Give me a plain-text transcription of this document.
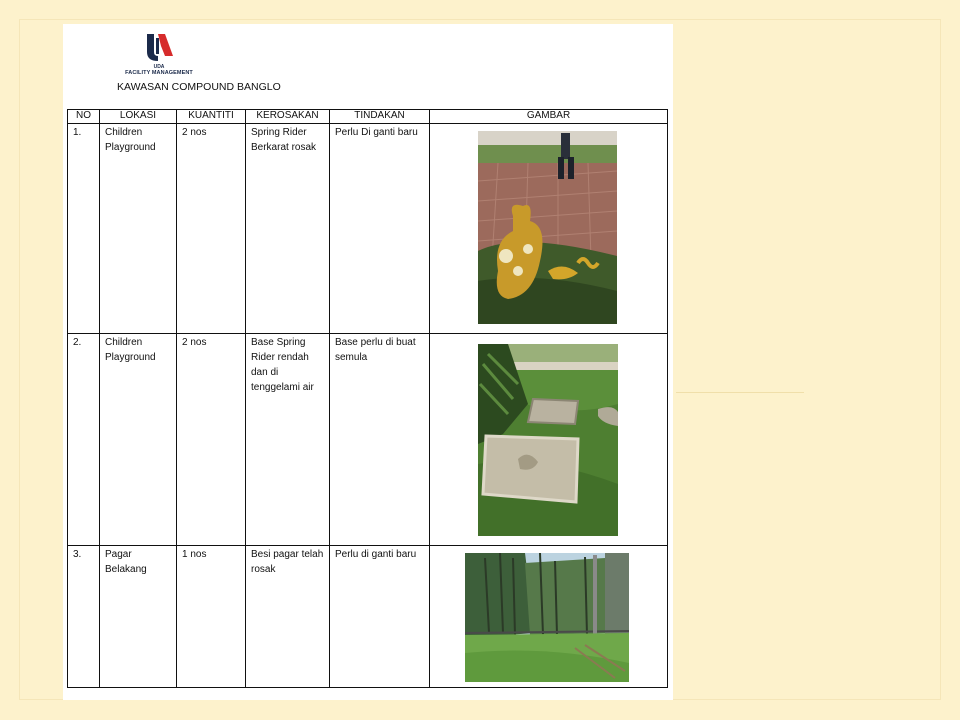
UDA
FACILITY MANAGEMENT
KAWASAN COMPOUND BANGLO
NO	LOKASI	KUANTITI	KEROSAKAN	TINDAKAN	GAMBAR
1.	Children Playground	2 nos	Spring Rider Berkarat rosak	Perlu Di ganti baru	

2.	Children Playground	2 nos	Base Spring Rider rendah dan di tenggelami air	Base perlu di buat semula	

3.	Pagar Belakang	1 nos	Besi pagar telah rosak	Perlu di ganti baru	
